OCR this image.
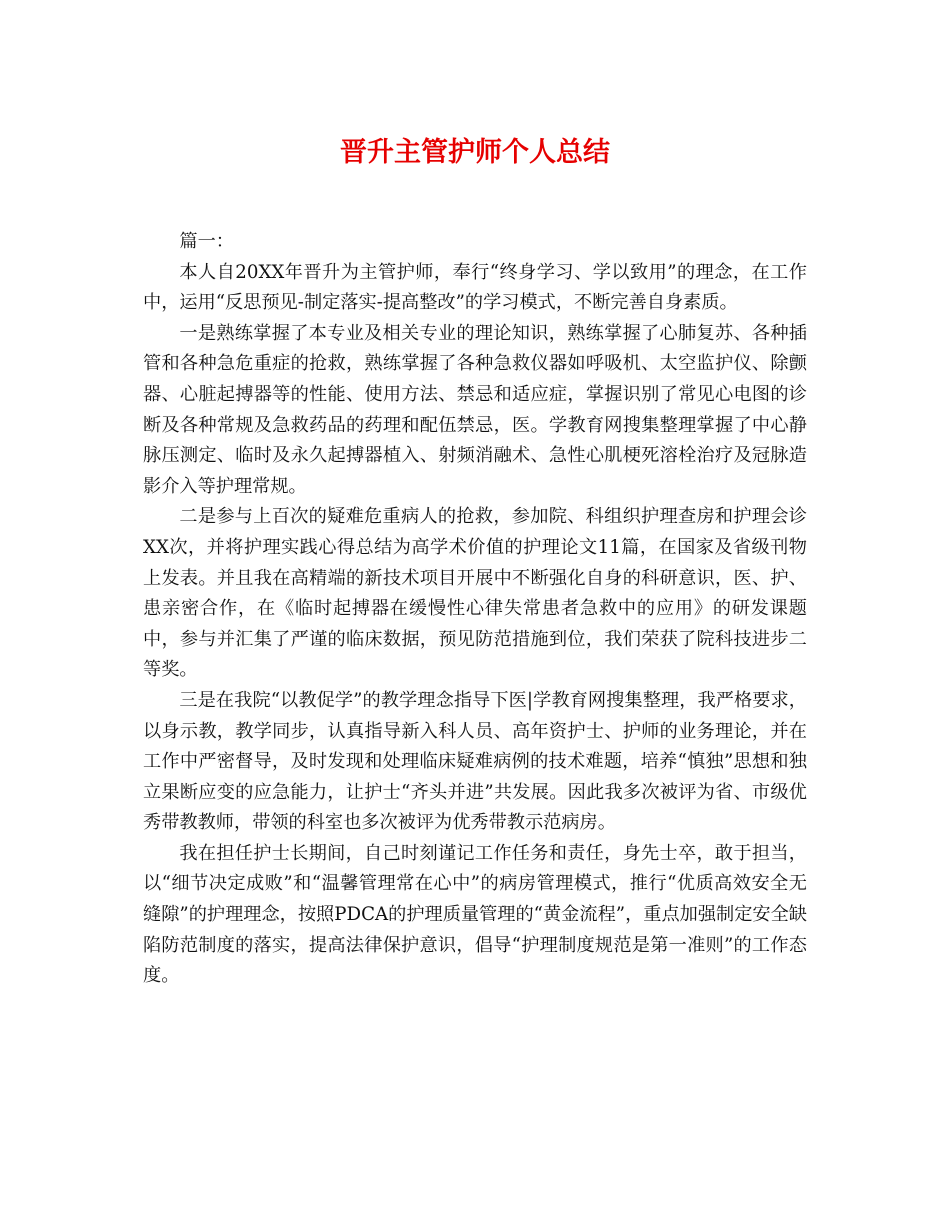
晋升主管护师个人总结

篇一：

本人自20XX年晋升为主管护师，奉行“终身学习、学以致用”的理念，在工作中，运用“反思预见-制定落实-提高整改”的学习模式，不断完善自身素质。

一是熟练掌握了本专业及相关专业的理论知识，熟练掌握了心肺复苏、各种插管和各种急危重症的抢救，熟练掌握了各种急救仪器如呼吸机、太空监护仪、除颤器、心脏起搏器等的性能、使用方法、禁忌和适应症，掌握识别了常见心电图的诊断及各种常规及急救药品的药理和配伍禁忌，医。学教育网搜集整理掌握了中心静脉压测定、临时及永久起搏器植入、射频消融术、急性心肌梗死溶栓治疗及冠脉造影介入等护理常规。

二是参与上百次的疑难危重病人的抢救，参加院、科组织护理查房和护理会诊XX次，并将护理实践心得总结为高学术价值的护理论文11篇，在国家及省级刊物上发表。并且我在高精端的新技术项目开展中不断强化自身的科研意识，医、护、患亲密合作，在《临时起搏器在缓慢性心律失常患者急救中的应用》的研发课题中，参与并汇集了严谨的临床数据，预见防范措施到位，我们荣获了院科技进步二等奖。

三是在我院“以教促学”的教学理念指导下医|学教育网搜集整理，我严格要求，以身示教，教学同步，认真指导新入科人员、高年资护士、护师的业务理论，并在工作中严密督导，及时发现和处理临床疑难病例的技术难题，培养“慎独”思想和独立果断应变的应急能力，让护士“齐头并进”共发展。因此我多次被评为省、市级优秀带教教师，带领的科室也多次被评为优秀带教示范病房。

我在担任护士长期间，自己时刻谨记工作任务和责任，身先士卒，敢于担当，以“细节决定成败”和“温馨管理常在心中”的病房管理模式，推行“优质高效安全无缝隙”的护理理念，按照PDCA的护理质量管理的“黄金流程”，重点加强制定安全缺陷防范制度的落实，提高法律保护意识，倡导“护理制度规范是第一准则”的工作态度。
